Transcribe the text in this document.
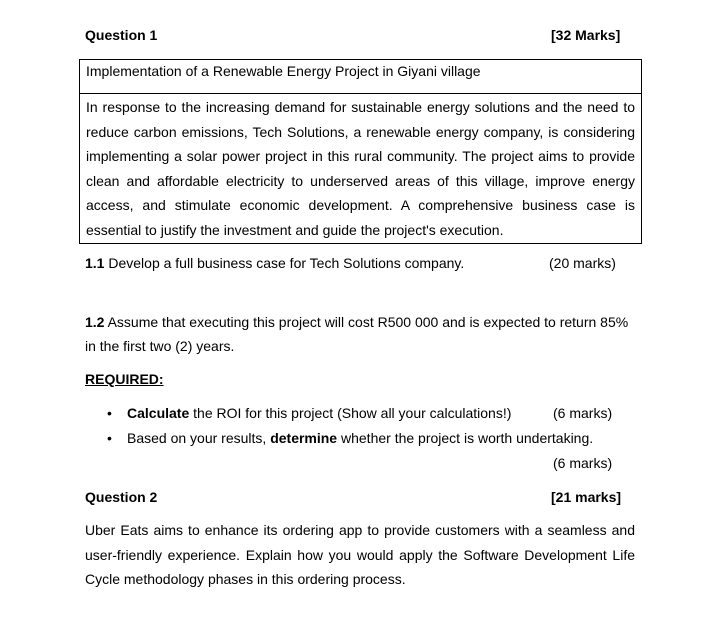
Question 1	[32 Marks]
Implementation of a Renewable Energy Project in Giyani village
In response to the increasing demand for sustainable energy solutions and the need to reduce carbon emissions, Tech Solutions, a renewable energy company, is considering implementing a solar power project in this rural community. The project aims to provide clean and affordable electricity to underserved areas of this village, improve energy access, and stimulate economic development. A comprehensive business case is essential to justify the investment and guide the project's execution.
1.1 Develop a full business case for Tech Solutions company.	(20 marks)
1.2 Assume that executing this project will cost R500 000 and is expected to return 85%
in the first two (2) years.
REQUIRED:
• Calculate the ROI for this project (Show all your calculations!)	(6 marks)
• Based on your results, determine whether the project is worth undertaking.
(6 marks)
Question 2	[21 marks]
Uber Eats aims to enhance its ordering app to provide customers with a seamless and user-friendly experience. Explain how you would apply the Software Development Life Cycle methodology phases in this ordering process.
